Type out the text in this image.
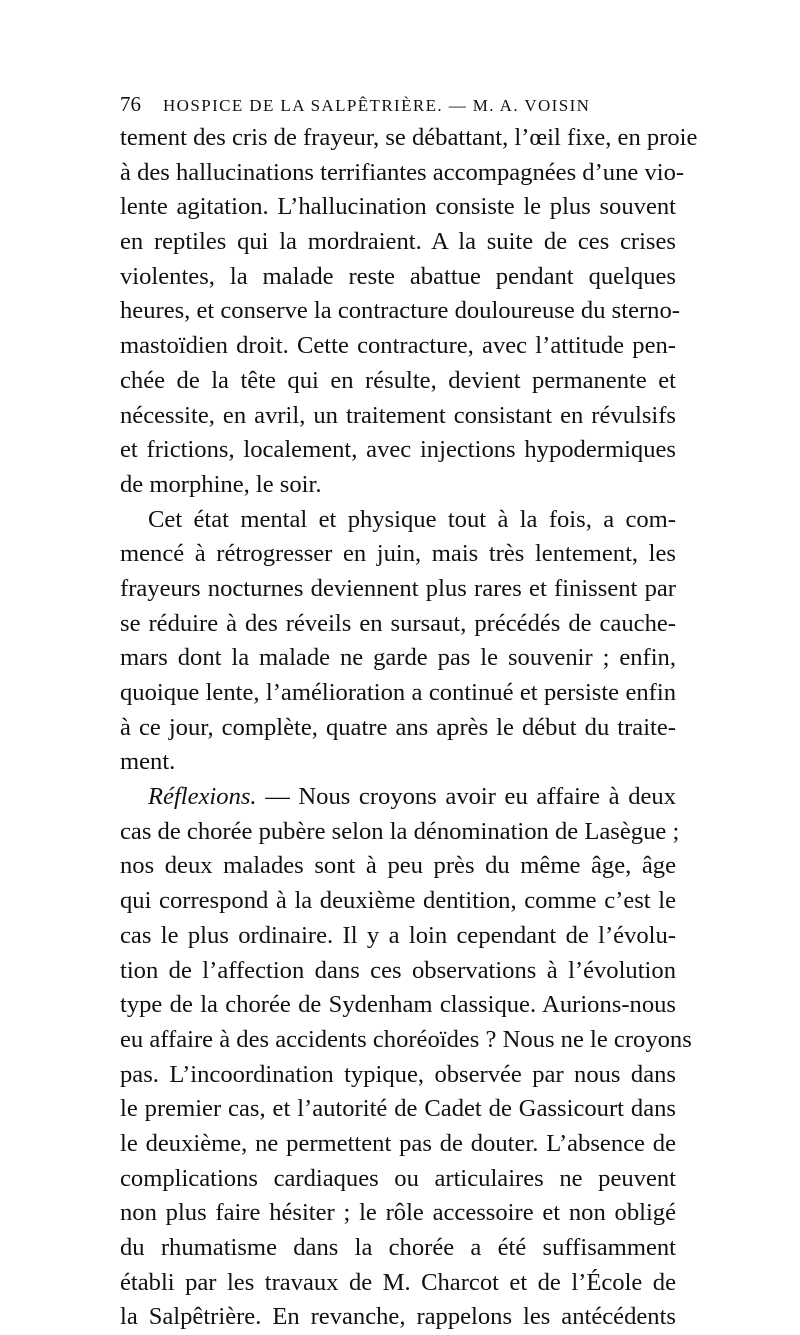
76 HOSPICE DE LA SALPÊTRIÈRE. — M. A. VOISIN
tement des cris de frayeur, se débattant, l’œil fixe, en proie
à des hallucinations terrifiantes accompagnées d’une vio-
lente agitation. L’hallucination consiste le plus souvent
en reptiles qui la mordraient. A la suite de ces crises
violentes, la malade reste abattue pendant quelques
heures, et conserve la contracture douloureuse du sterno-
mastoïdien droit. Cette contracture, avec l’attitude pen-
chée de la tête qui en résulte, devient permanente et
nécessite, en avril, un traitement consistant en révulsifs
et frictions, localement, avec injections hypodermiques
de morphine, le soir.
Cet état mental et physique tout à la fois, a com-
mencé à rétrogresser en juin, mais très lentement, les
frayeurs nocturnes deviennent plus rares et finissent par
se réduire à des réveils en sursaut, précédés de cauche-
mars dont la malade ne garde pas le souvenir ; enfin,
quoique lente, l’amélioration a continué et persiste enfin
à ce jour, complète, quatre ans après le début du traite-
ment.
Réflexions. — Nous croyons avoir eu affaire à deux
cas de chorée pubère selon la dénomination de Lasègue ;
nos deux malades sont à peu près du même âge, âge
qui correspond à la deuxième dentition, comme c’est le
cas le plus ordinaire. Il y a loin cependant de l’évolu-
tion de l’affection dans ces observations à l’évolution
type de la chorée de Sydenham classique. Aurions-nous
eu affaire à des accidents choréoïdes ? Nous ne le croyons
pas. L’incoordination typique, observée par nous dans
le premier cas, et l’autorité de Cadet de Gassicourt dans
le deuxième, ne permettent pas de douter. L’absence de
complications cardiaques ou articulaires ne peuvent
non plus faire hésiter ; le rôle accessoire et non obligé
du rhumatisme dans la chorée a été suffisamment
établi par les travaux de M. Charcot et de l’École de
la Salpêtrière. En revanche, rappelons les antécédents
